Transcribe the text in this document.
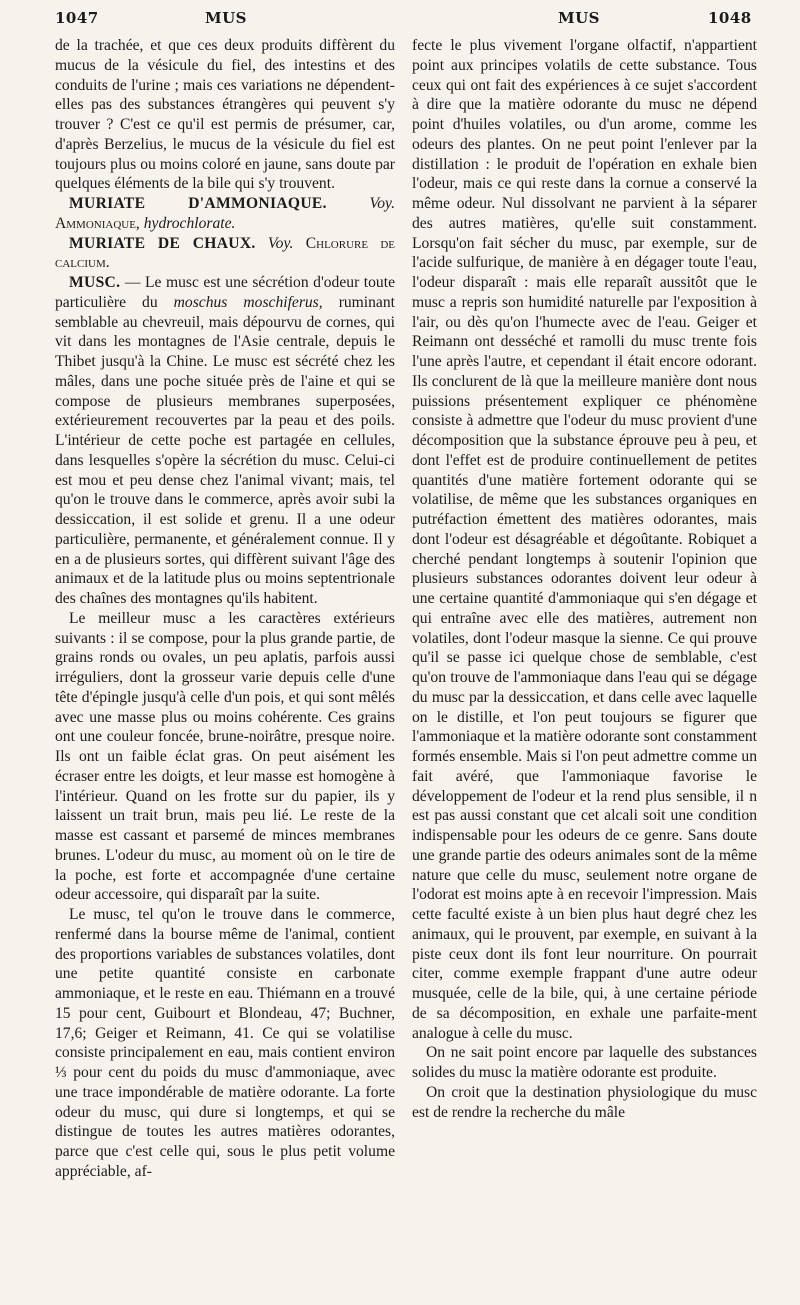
1047	MUS	MUS	1048

de la trachée, et que ces deux produits diffèrent du mucus de la vésicule du fiel, des intestins et des conduits de l'urine ; mais ces variations ne dépendent-elles pas des substances étrangères qui peuvent s'y trouver ? C'est ce qu'il est permis de présumer, car, d'après Berzelius, le mucus de la vésicule du fiel est toujours plus ou moins coloré en jaune, sans doute par quelques éléments de la bile qui s'y trouvent.

MURIATE D'AMMONIAQUE.	Voy. Ammoniaque, hydrochlorate.

MURIATE DE CHAUX. Voy. Chlorure de calcium.

MUSC. — Le musc est une sécrétion d'odeur toute particulière du moschus moschiferus, ruminant semblable au chevreuil, mais dépourvu de cornes, qui vit dans les montagnes de l'Asie centrale, depuis le Thibet jusqu'à la Chine. Le musc est sécrété chez les mâles, dans une poche située près de l'aine et qui se compose de plusieurs membranes superposées, extérieurement recouvertes par la peau et des poils. L'intérieur de cette poche est partagée en cellules, dans lesquelles s'opère la sécrétion du musc. Celui-ci est mou et peu dense chez l'animal vivant; mais, tel qu'on le trouve dans le commerce, après avoir subi la dessiccation, il est solide et grenu. Il a une odeur particulière, permanente, et généralement connue. Il y en a de plusieurs sortes, qui diffèrent suivant l'âge des animaux et de la latitude plus ou moins septentrionale des chaînes des montagnes qu'ils habitent.

Le meilleur musc a les caractères extérieurs suivants : il se compose, pour la plus grande partie, de grains ronds ou ovales, un peu aplatis, parfois aussi irréguliers, dont la grosseur varie depuis celle d'une tête d'épingle jusqu'à celle d'un pois, et qui sont mêlés avec une masse plus ou moins cohérente. Ces grains ont une couleur foncée, brune-noirâtre, presque noire. Ils ont un faible éclat gras. On peut aisément les écraser entre les doigts, et leur masse est homogène à l'intérieur. Quand on les frotte sur du papier, ils y laissent un trait brun, mais peu lié. Le reste de la masse est cassant et parsemé de minces membranes brunes. L'odeur du musc, au moment où on le tire de la poche, est forte et accompagnée d'une certaine odeur accessoire, qui disparaît par la suite.

Le musc, tel qu'on le trouve dans le commerce, renfermé dans la bourse même de l'animal, contient des proportions variables de substances volatiles, dont une petite quantité consiste en carbonate ammoniaque, et le reste en eau. Thiémann en a trouvé 15 pour cent, Guibourt et Blondeau, 47; Buchner, 17,6; Geiger et Reimann, 41. Ce qui se volatilise consiste principalement en eau, mais contient environ ⅓ pour cent du poids du musc d'ammoniaque, avec une trace impondérable de matière odorante. La forte odeur du musc, qui dure si longtemps, et qui se distingue de toutes les autres matières odorantes, parce que c'est celle qui, sous le plus petit volume appréciable, af-

fecte le plus vivement l'organe olfactif, n'appartient point aux principes volatils de cette substance. Tous ceux qui ont fait des expériences à ce sujet s'accordent à dire que la matière odorante du musc ne dépend point d'huiles volatiles, ou d'un arome, comme les odeurs des plantes. On ne peut point l'enlever par la distillation : le produit de l'opération en exhale bien l'odeur, mais ce qui reste dans la cornue a conservé la même odeur. Nul dissolvant ne parvient à la séparer des autres matières, qu'elle suit constamment. Lorsqu'on fait sécher du musc, par exemple, sur de l'acide sulfurique, de manière à en dégager toute l'eau, l'odeur disparaît : mais elle reparaît aussitôt que le musc a repris son humidité naturelle par l'exposition à l'air, ou dès qu'on l'humecte avec de l'eau. Geiger et Reimann ont desséché et ramolli du musc trente fois l'une après l'autre, et cependant il était encore odorant. Ils conclurent de là que la meilleure manière dont nous puissions présentement expliquer ce phénomène consiste à admettre que l'odeur du musc provient d'une décomposition que la substance éprouve peu à peu, et dont l'effet est de produire continuellement de petites quantités d'une matière fortement odorante qui se volatilise, de même que les substances organiques en putréfaction émettent des matières odorantes, mais dont l'odeur est désagréable et dégoûtante. Robiquet a cherché pendant longtemps à soutenir l'opinion que plusieurs substances odorantes doivent leur odeur à une certaine quantité d'ammoniaque qui s'en dégage et qui entraîne avec elle des matières, autrement non volatiles, dont l'odeur masque la sienne. Ce qui prouve qu'il se passe ici quelque chose de semblable, c'est qu'on trouve de l'ammoniaque dans l'eau qui se dégage du musc par la dessiccation, et dans celle avec laquelle on le distille, et l'on peut toujours se figurer que l'ammoniaque et la matière odorante sont constamment formés ensemble. Mais si l'on peut admettre comme un fait avéré, que l'ammoniaque favorise le développement de l'odeur et la rend plus sensible, il n est pas aussi constant que cet alcali soit une condition indispensable pour les odeurs de ce genre. Sans doute une grande partie des odeurs animales sont de la même nature que celle du musc, seulement notre organe de l'odorat est moins apte à en recevoir l'impression. Mais cette faculté existe à un bien plus haut degré chez les animaux, qui le prouvent, par exemple, en suivant à la piste ceux dont ils font leur nourriture. On pourrait citer, comme exemple frappant d'une autre odeur musquée, celle de la bile, qui, à une certaine période de sa décomposition, en exhale une parfaite-ment analogue à celle du musc.

On ne sait point encore par laquelle des substances solides du musc la matière odorante est produite.

On croit que la destination physiologique du musc est de rendre la recherche du mâle
